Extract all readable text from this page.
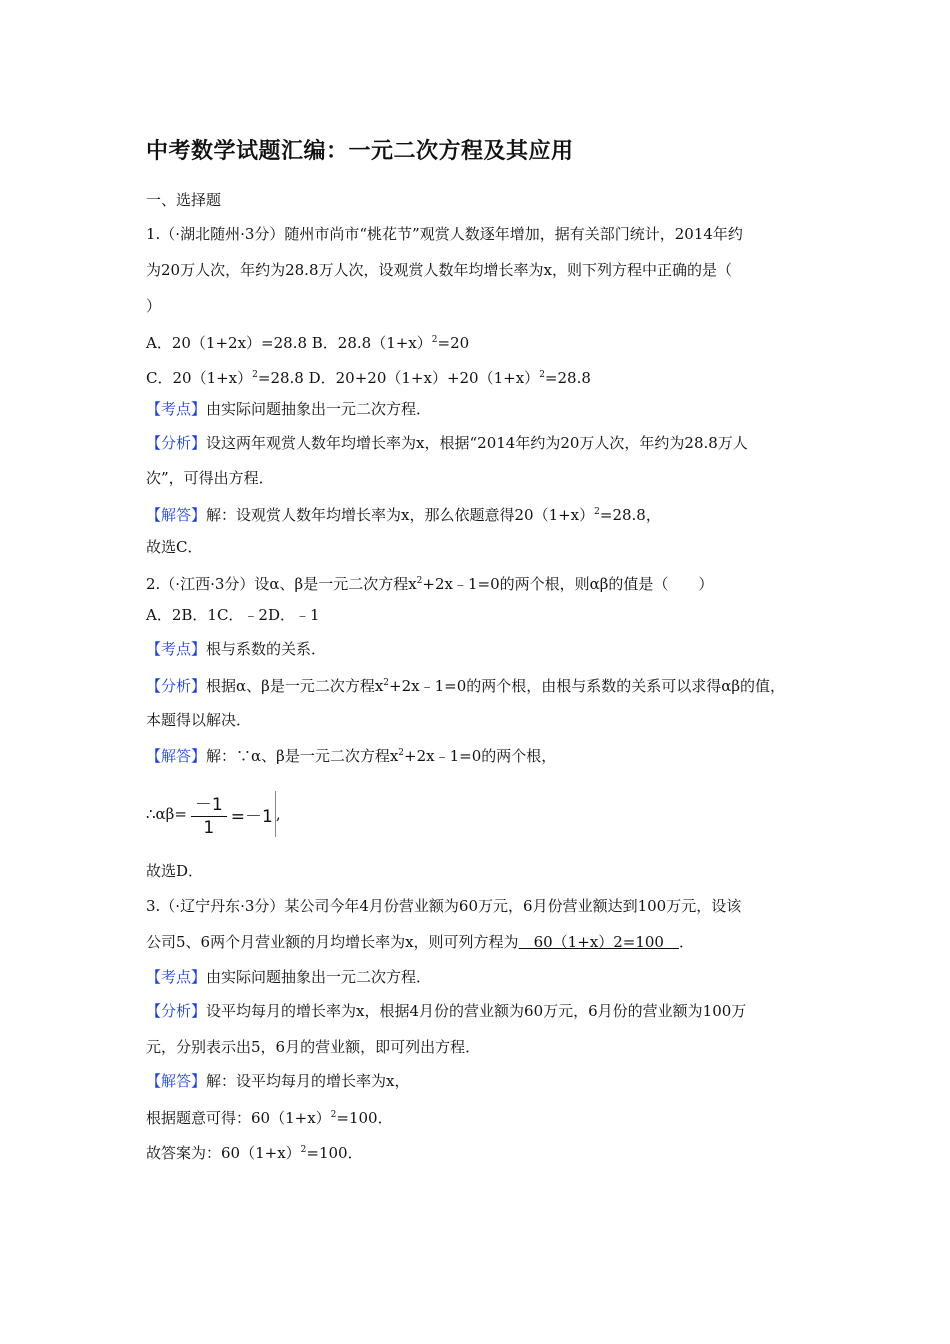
中考数学试题汇编：一元二次方程及其应用
一、选择题
1.（·湖北随州·3分）随州市尚市“桃花节”观赏人数逐年增加，据有关部门统计，2014年约
为20万人次，年约为28.8万人次，设观赏人数年均增长率为x，则下列方程中正确的是（
）
A．20（1+2x）=28.8 B．$28.8(1+x)^2=20$
C．$20(1+x)^2=28.8$ D．$20+20(1+x)+20(1+x)^2=28.8$
【考点】由实际问题抽象出一元二次方程．
【分析】设这两年观赏人数年均增长率为x，根据“2014年约为20万人次，年约为28.8万人
次”，可得出方程．
【解答】解：设观赏人数年均增长率为x，那么依题意得$20(1+x)^2=28.8$，
故选C．
2.（·江西·3分）设α、β是一元二次方程$x^2+2x﹣1=0$的两个根，则αβ的值是（　　）
A．2B．1C．﹣2D．﹣1
【考点】根与系数的关系．
【分析】根据α、β是一元二次方程$x^2+2x﹣1=0$的两个根，由根与系数的关系可以求得αβ的值，
本题得以解决．
【解答】解：∵α、β是一元二次方程$x^2+2x﹣1=0$的两个根，
∴αβ= $\frac{-1}{1} =-1$ ,
故选D．
3.（·辽宁丹东·3分）某公司今年4月份营业额为60万元，6月份营业额达到100万元，设该
公司5、6两个月营业额的月均增长率为x，则可列方程为　60（1+x）2=100　．
【考点】由实际问题抽象出一元二次方程．
【分析】设平均每月的增长率为x，根据4月份的营业额为60万元，6月份的营业额为100万
元，分别表示出5，6月的营业额，即可列出方程．
【解答】解：设平均每月的增长率为x，
根据题意可得：$60(1+x)^2=100$．
故答案为：$60(1+x)^2=100$．
